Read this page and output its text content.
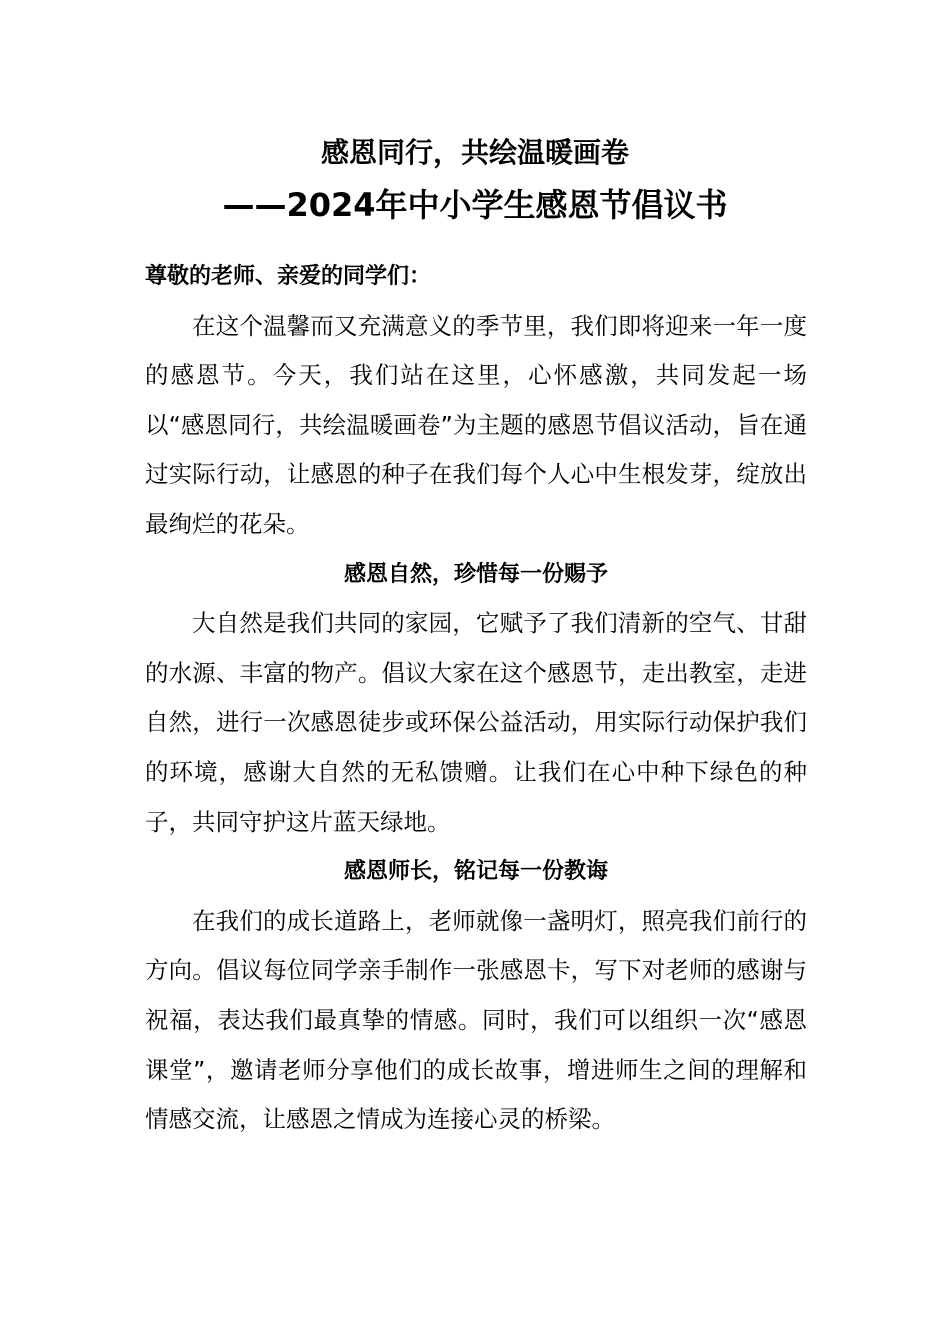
感恩同行，共绘温暖画卷
——2024年中小学生感恩节倡议书
尊敬的老师、亲爱的同学们：

在这个温馨而又充满意义的季节里，我们即将迎来一年一度的感恩节。今天，我们站在这里，心怀感激，共同发起一场以“感恩同行，共绘温暖画卷”为主题的感恩节倡议活动，旨在通过实际行动，让感恩的种子在我们每个人心中生根发芽，绽放出最绚烂的花朵。

感恩自然，珍惜每一份赐予

大自然是我们共同的家园，它赋予了我们清新的空气、甘甜的水源、丰富的物产。倡议大家在这个感恩节，走出教室，走进自然，进行一次感恩徒步或环保公益活动，用实际行动保护我们的环境，感谢大自然的无私馈赠。让我们在心中种下绿色的种子，共同守护这片蓝天绿地。

感恩师长，铭记每一份教诲

在我们的成长道路上，老师就像一盏明灯，照亮我们前行的方向。倡议每位同学亲手制作一张感恩卡，写下对老师的感谢与祝福，表达我们最真挚的情感。同时，我们可以组织一次“感恩课堂”，邀请老师分享他们的成长故事，增进师生之间的理解和情感交流，让感恩之情成为连接心灵的桥梁。
